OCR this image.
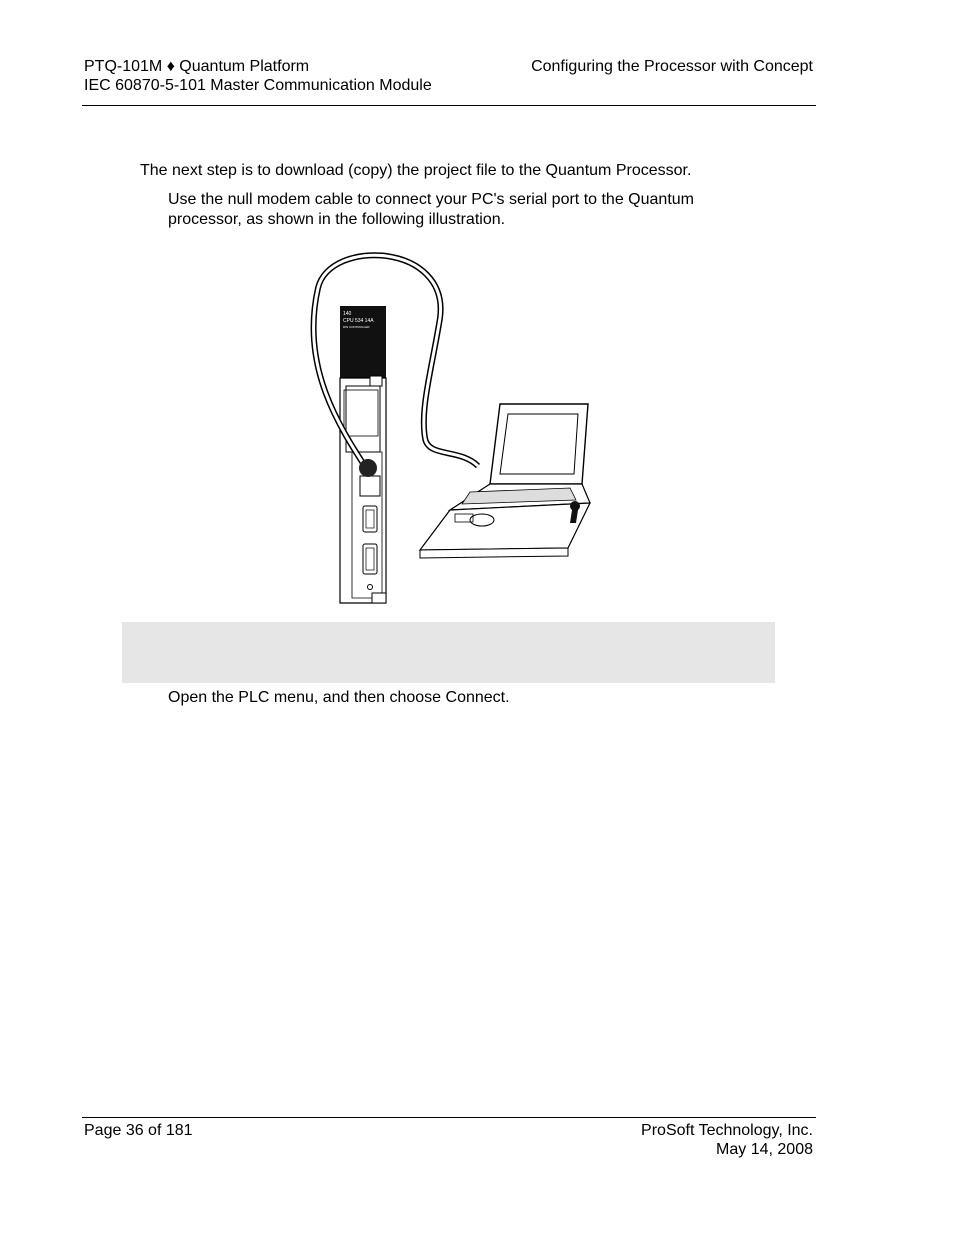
PTQ-101M ♦ Quantum Platform
IEC 60870-5-101 Master Communication Module
Configuring the Processor with Concept
The next step is to download (copy) the project file to the Quantum Processor.
Use the null modem cable to connect your PC's serial port to the Quantum processor, as shown in the following illustration.
140
CPU 534 14A
DIN CONTROLLER
Open the PLC menu, and then choose Connect.
Page 36 of 181	ProSoft Technology, Inc.
May 14, 2008
